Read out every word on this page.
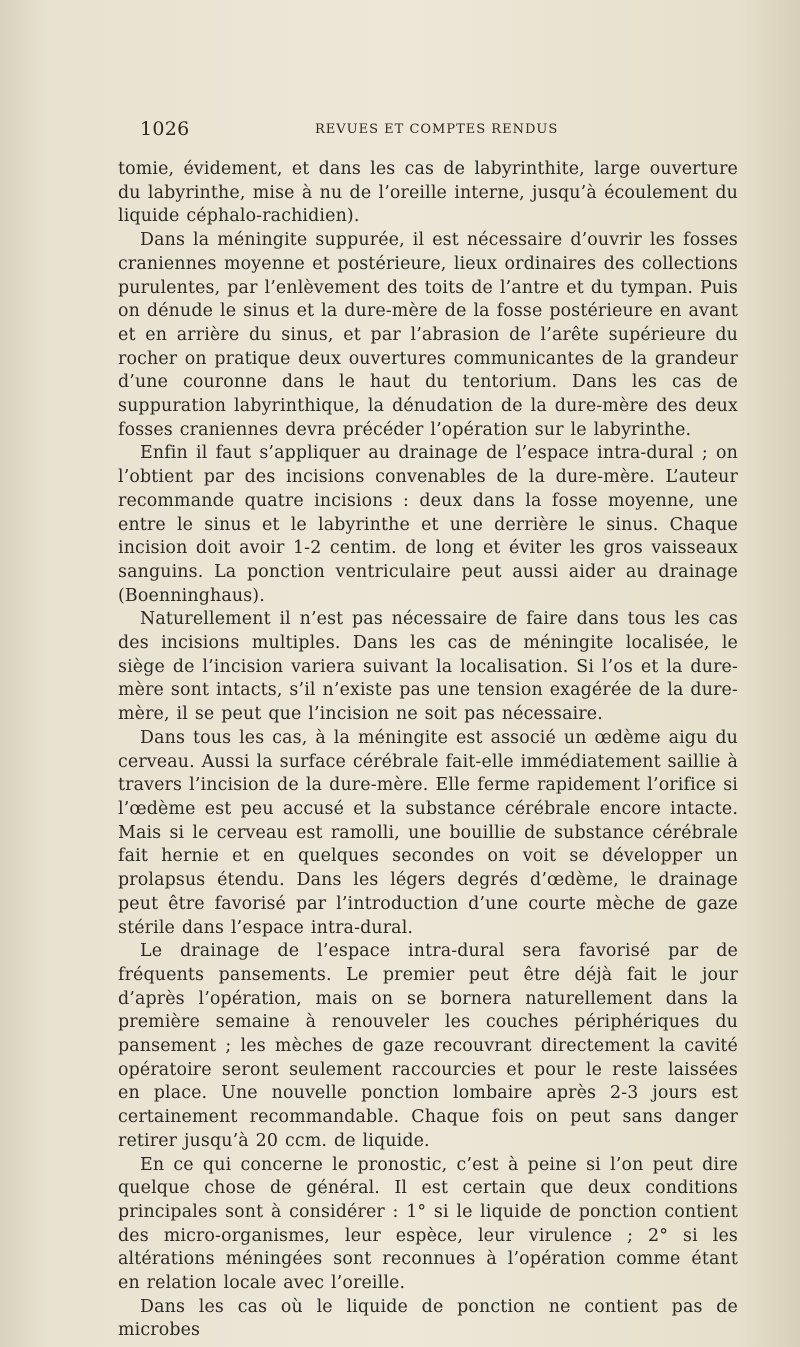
1026	REVUES ET COMPTES RENDUS

tomie, évidement, et dans les cas de labyrinthite, large ouverture du labyrinthe, mise à nu de l’oreille interne, jusqu’à écoulement du liquide céphalo-rachidien).

Dans la méningite suppurée, il est nécessaire d’ouvrir les fosses craniennes moyenne et postérieure, lieux ordinaires des collections purulentes, par l’enlèvement des toits de l’antre et du tympan. Puis on dénude le sinus et la dure-mère de la fosse postérieure en avant et en arrière du sinus, et par l’abrasion de l’arête supérieure du rocher on pratique deux ouvertures communicantes de la grandeur d’une couronne dans le haut du tentorium. Dans les cas de suppuration labyrinthique, la dénudation de la dure-mère des deux fosses craniennes devra précéder l’opération sur le labyrinthe.

Enfin il faut s’appliquer au drainage de l’espace intra-dural ; on l’obtient par des incisions convenables de la dure-mère. L’auteur recommande quatre incisions : deux dans la fosse moyenne, une entre le sinus et le labyrinthe et une derrière le sinus. Chaque incision doit avoir 1-2 centim. de long et éviter les gros vaisseaux sanguins. La ponction ventriculaire peut aussi aider au drainage (Boenninghaus).

Naturellement il n’est pas nécessaire de faire dans tous les cas des incisions multiples. Dans les cas de méningite localisée, le siège de l’incision variera suivant la localisation. Si l’os et la dure-mère sont intacts, s’il n’existe pas une tension exagérée de la dure-mère, il se peut que l’incision ne soit pas nécessaire.

Dans tous les cas, à la méningite est associé un œdème aigu du cerveau. Aussi la surface cérébrale fait-elle immédiatement saillie à travers l’incision de la dure-mère. Elle ferme rapidement l’orifice si l’œdème est peu accusé et la substance cérébrale encore intacte. Mais si le cerveau est ramolli, une bouillie de substance cérébrale fait hernie et en quelques secondes on voit se développer un prolapsus étendu. Dans les légers degrés d’œdème, le drainage peut être favorisé par l’introduction d’une courte mèche de gaze stérile dans l’espace intra-dural.

Le drainage de l’espace intra-dural sera favorisé par de fréquents pansements. Le premier peut être déjà fait le jour d’après l’opération, mais on se bornera naturellement dans la première semaine à renouveler les couches périphériques du pansement ; les mèches de gaze recouvrant directement la cavité opératoire seront seulement raccourcies et pour le reste laissées en place. Une nouvelle ponction lombaire après 2-3 jours est certainement recommandable. Chaque fois on peut sans danger retirer jusqu’à 20 ccm. de liquide.

En ce qui concerne le pronostic, c’est à peine si l’on peut dire quelque chose de général. Il est certain que deux conditions principales sont à considérer : 1° si le liquide de ponction contient des micro-organismes, leur espèce, leur virulence ; 2° si les altérations méningées sont reconnues à l’opération comme étant en relation locale avec l’oreille.

Dans les cas où le liquide de ponction ne contient pas de microbes
